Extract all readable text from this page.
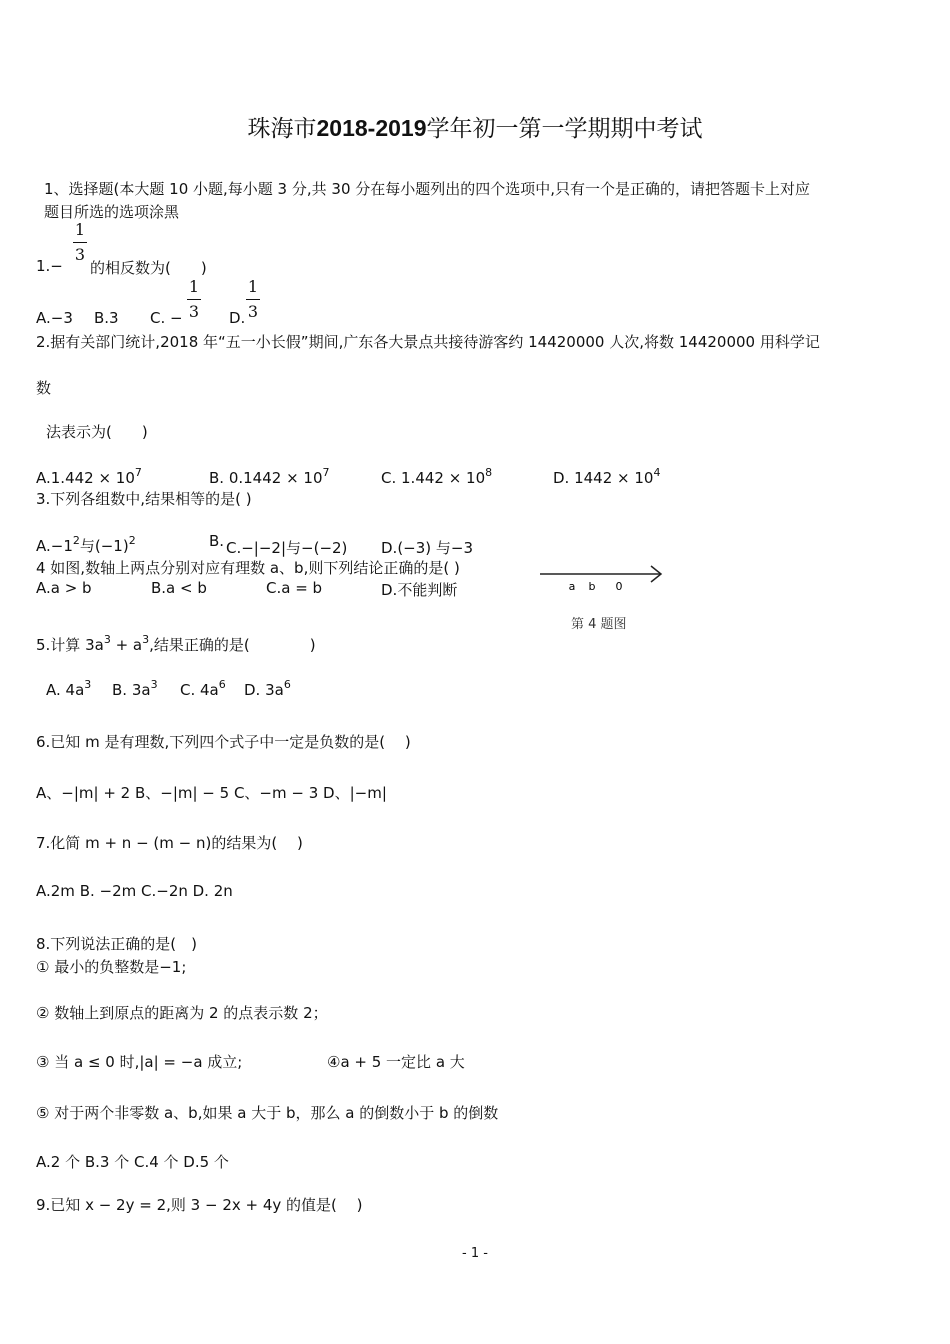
珠海市2018-2019学年初一第一学期期中考试
1、选择题(本大题 10 小题,每小题 3 分,共 30 分在每小题列出的四个选项中,只有一个是正确的，请把答题卡上对应
题目所选的选项涂黑
1
3
1.− 的相反数为(　　)
A.−3 B.3 C. −
1
3 D.
1
3
2.据有关部门统计,2018 年“五一小长假”期间,广东各大景点共接待游客约 14420000 人次,将数 14420000 用科学记
数
法表示为(　　)
$A.1.442 \times 10^7$	B. $0.1442 \times 10^7$	C. $1.442 \times 10^8$	D. $1442 \times 10^4$
3.下列各组数中,结果相等的是( )
$A.-1^2$与$(-1)^2$	B. C.−|−2|与−(−2) D.(−3) 与−3
4 如图,数轴上两点分别对应有理数 a、b,则下列结论正确的是( )
A.a > b	B.a < b	C.a = b	D.不能判断	a b 0
第 4 题图
5.计算 $3a^3 + a^3$,结果正确的是(　　　　)
A. $4a^3$ B. $3a^3$ C. $4a^6$ D. $3a^6$
6.已知 m 是有理数,下列四个式子中一定是负数的是(　 )
A、−|m| + 2 B、−|m| − 5 C、−m − 3 D、|−m|
7.化简 m + n − (m − n)的结果为(　 )
A.2m B. −2m C.−2n D. 2n
8.下列说法正确的是(　)
① 最小的负整数是−1;
② 数轴上到原点的距离为 2 的点表示数 2；
③ 当 a ≤ 0 时,|a| = −a 成立;	④a + 5 一定比 a 大
⑤ 对于两个非零数 a、b,如果 a 大于 b，那么 a 的倒数小于 b 的倒数
A.2 个 B.3 个 C.4 个 D.5 个
9.已知 x − 2y = 2,则 3 − 2x + 4y 的值是(　 )
- 1 -
